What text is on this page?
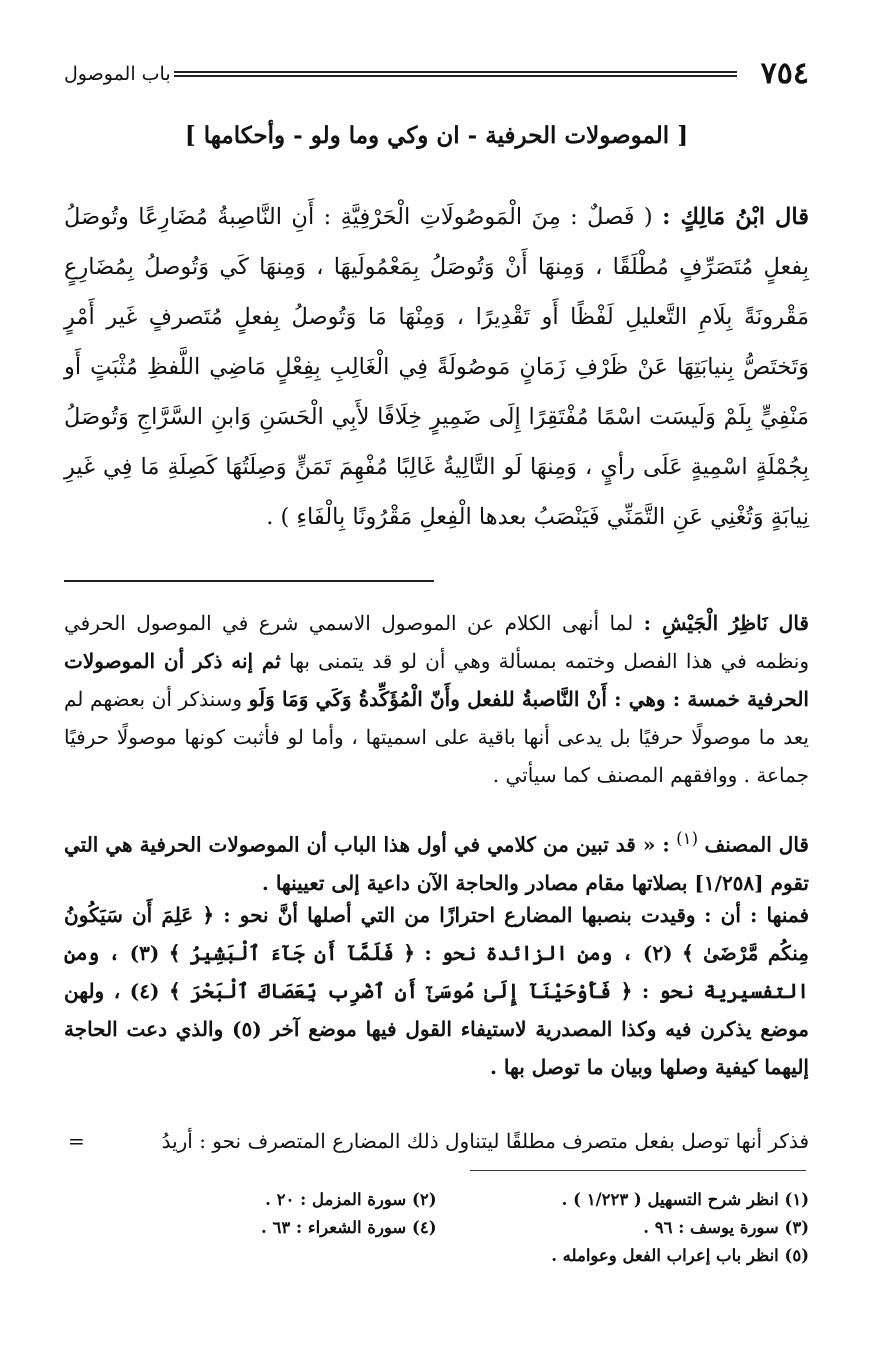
٧٥٤
باب الموصول
[ الموصولات الحرفية - ان وكي وما ولو - وأحكامها ]
قال ابْنُ مَالِكٍ : ( فَصلٌ : مِنَ الْمَوصُولَاتِ الْحَرْفِيَّةِ : أَنِ النَّاصِبةُ مُضَارِعًا وتُوصَلُ بِفعلٍ مُتَصَرِّفٍ مُطْلَقًا ، وَمِنهَا أَنْ وَتُوصَلُ بِمَعْمُولَيهَا ، وَمِنهَا كَي وَتُوصلُ بِمُضَارِعٍ مَقْرونَةً بِلَامِ التَّعليلِ لَفْظًا أَو تَقْدِيرًا ، وَمِنْهَا مَا وَتُوصلُ بِفعلٍ مُتَصرفٍ غَير أَمْرٍ وَتَختَصُّ بِنيابَتِهَا عَنْ ظَرْفِ زَمَانٍ مَوصُولَةً فِي الْغَالِبِ بِفِعْلٍ مَاضِي اللَّفظِ مُثْبَتٍ أَو مَنْفِيٍّ بِلَمْ وَلَيسَت اسْمًا مُفْتَقِرًا إِلَى ضَمِيرٍ خِلَافًا لأَبِي الْحَسَنِ وَابنِ السَّرَّاجِ وَتُوصَلُ بِجُمْلَةٍ اسْمِيةٍ عَلَى رأيٍ ، وَمِنهَا لَو التَّالِيةُ غَالِبًا مُفْهِمَ تَمَنٍّ وَصِلَتُهَا كَصِلَةِ مَا فِي غَيرِ نِيابَةٍ وَتُغْنِي عَنِ التَّمَنِّي فَيَنْصَبُ بعدها الْفِعلِ مَقْرُونًا بِالْفَاءِ ) .
قال نَاظِرُ الْجَيْشِ : لما أنهى الكلام عن الموصول الاسمي شرع في الموصول الحرفي ونظمه في هذا الفصل وختمه بمسألة وهي أن لو قد يتمنى بها ثم إنه ذكر أن الموصولات الحرفية خمسة : وهي : أَنْ النَّاصبةُ للفعل وأَنّ الْمُؤَكِّدةُ وَكَي وَمَا وَلَو وسنذكر أن بعضهم لم يعد ما موصولًا حرفيًا بل يدعى أنها باقية على اسميتها ، وأما لو فأثبت كونها موصولًا حرفيًا جماعة . ووافقهم المصنف كما سيأتي .
قال المصنف $^{(١)}$ : « قد تبين من كلامي في أول هذا الباب أن الموصولات الحرفية هي التي تقوم [١/٢٥٨] بصلاتها مقام مصادر والحاجة الآن داعية إلى تعيينها .
فمنها : أن : وقيدت بنصبها المضارع احترازًا من التي أصلها أنَّ نحو : ﴿ عَلِمَ أَن سَيَكُونُ مِنكُم مَّرْضَىٰ ﴾ (٢) ، ومن الزائدة نحو : ﴿ فَلَمَّآ أَن جَآءَ ٱلْبَشِيرُ ﴾ (٣) ، ومن التفسيرية نحو : ﴿ فَأَوْحَيْنَآ إِلَىٰ مُوسَىٰٓ أَنِ ٱضْرِب بِّعَصَاكَ ٱلْبَحْرَ ﴾ (٤) ، ولهن موضع يذكرن فيه وكذا المصدرية لاستيفاء القول فيها موضع آخر (٥) والذي دعت الحاجة إليهما كيفية وصلها وبيان ما توصل بها .
فذكر أنها توصل بفعل متصرف مطلقًا ليتناول ذلك المضارع المتصرف نحو : أريدُ
=
(١) انظر شرح التسهيل ( ١/٢٢٣ ) .
(٢) سورة المزمل : ٢٠ .
(٣) سورة يوسف : ٩٦ .
(٤) سورة الشعراء : ٦٣ .
(٥) انظر باب إعراب الفعل وعوامله .
